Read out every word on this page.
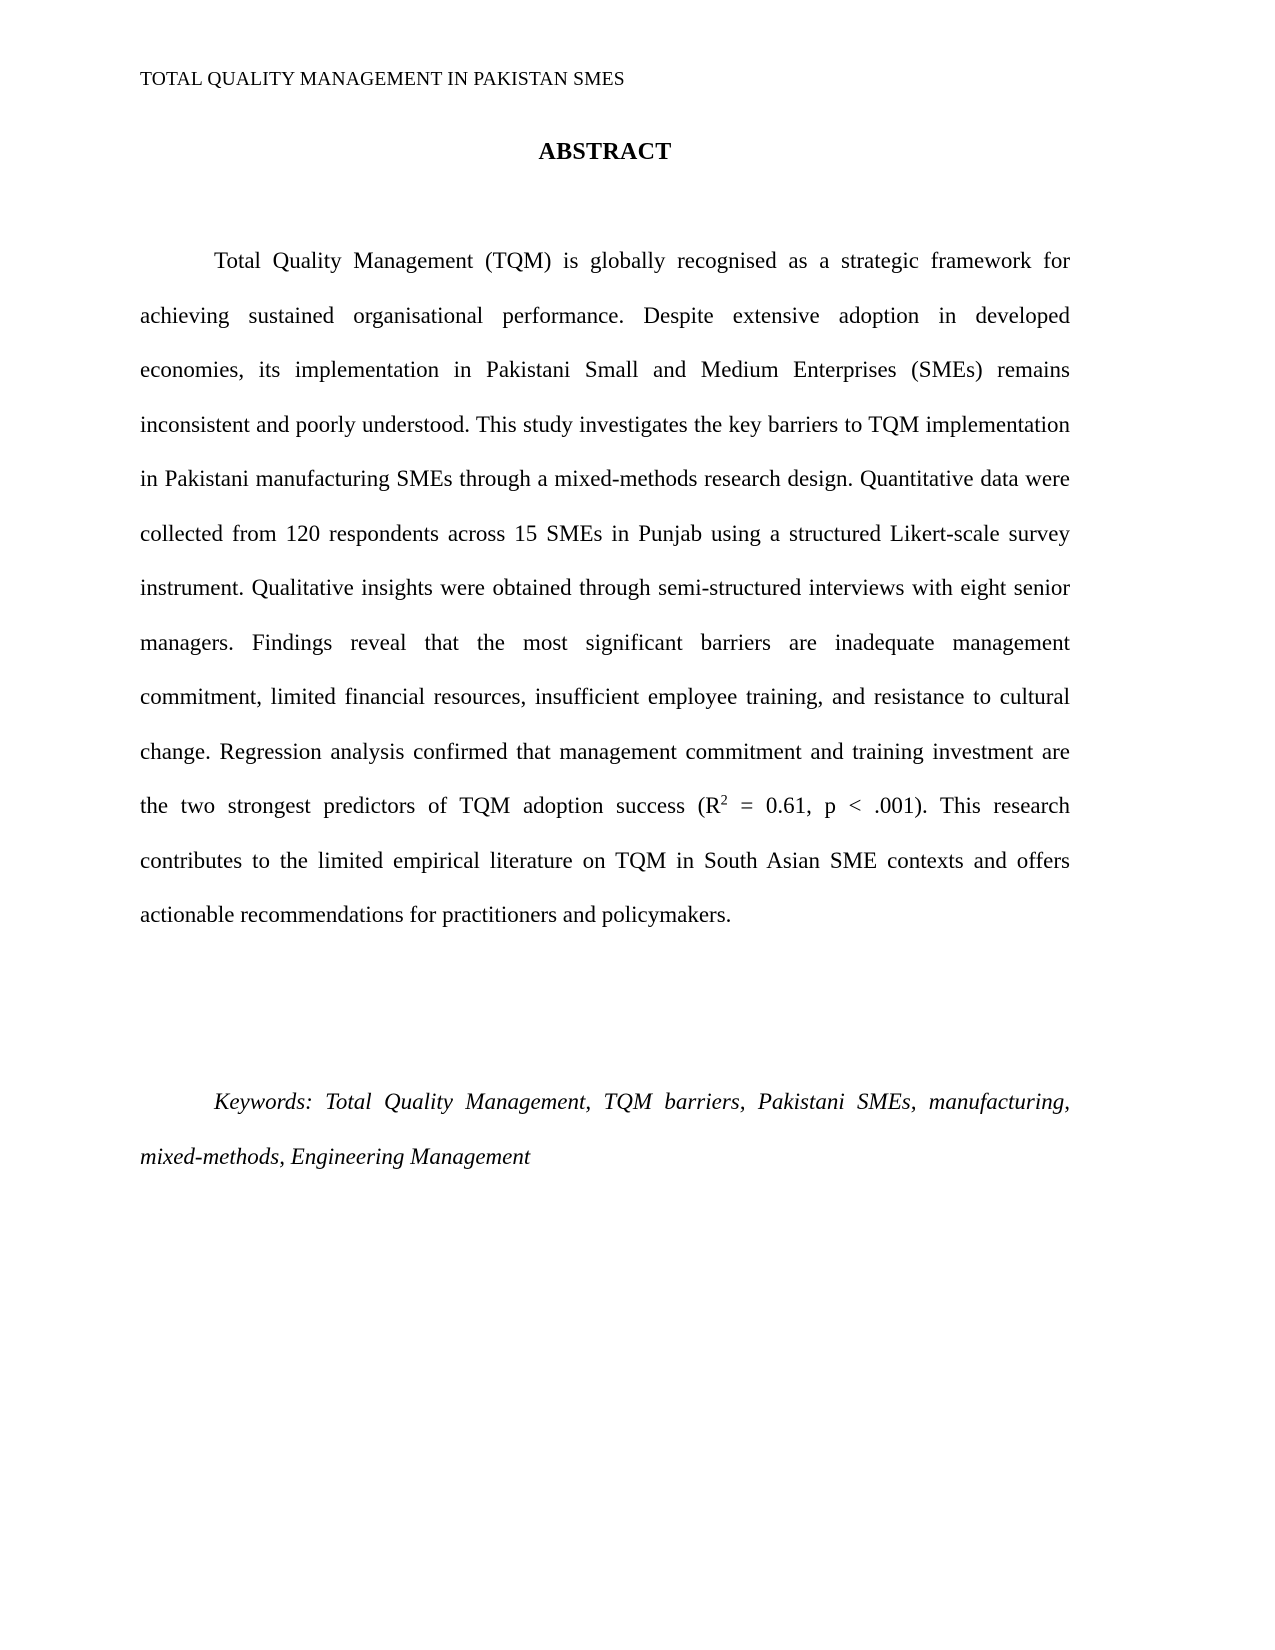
TOTAL QUALITY MANAGEMENT IN PAKISTAN SMES
ABSTRACT

Total Quality Management (TQM) is globally recognised as a strategic framework for achieving sustained organisational performance. Despite extensive adoption in developed economies, its implementation in Pakistani Small and Medium Enterprises (SMEs) remains inconsistent and poorly understood. This study investigates the key barriers to TQM implementation in Pakistani manufacturing SMEs through a mixed-methods research design. Quantitative data were collected from 120 respondents across 15 SMEs in Punjab using a structured Likert-scale survey instrument. Qualitative insights were obtained through semi-structured interviews with eight senior managers. Findings reveal that the most significant barriers are inadequate management commitment, limited financial resources, insufficient employee training, and resistance to cultural change. Regression analysis confirmed that management commitment and training investment are the two strongest predictors of TQM adoption success ($R^2 = 0.61$, p < .001). This research contributes to the limited empirical literature on TQM in South Asian SME contexts and offers actionable recommendations for practitioners and policymakers.

Keywords: Total Quality Management, TQM barriers, Pakistani SMEs, manufacturing, mixed-methods, Engineering Management
